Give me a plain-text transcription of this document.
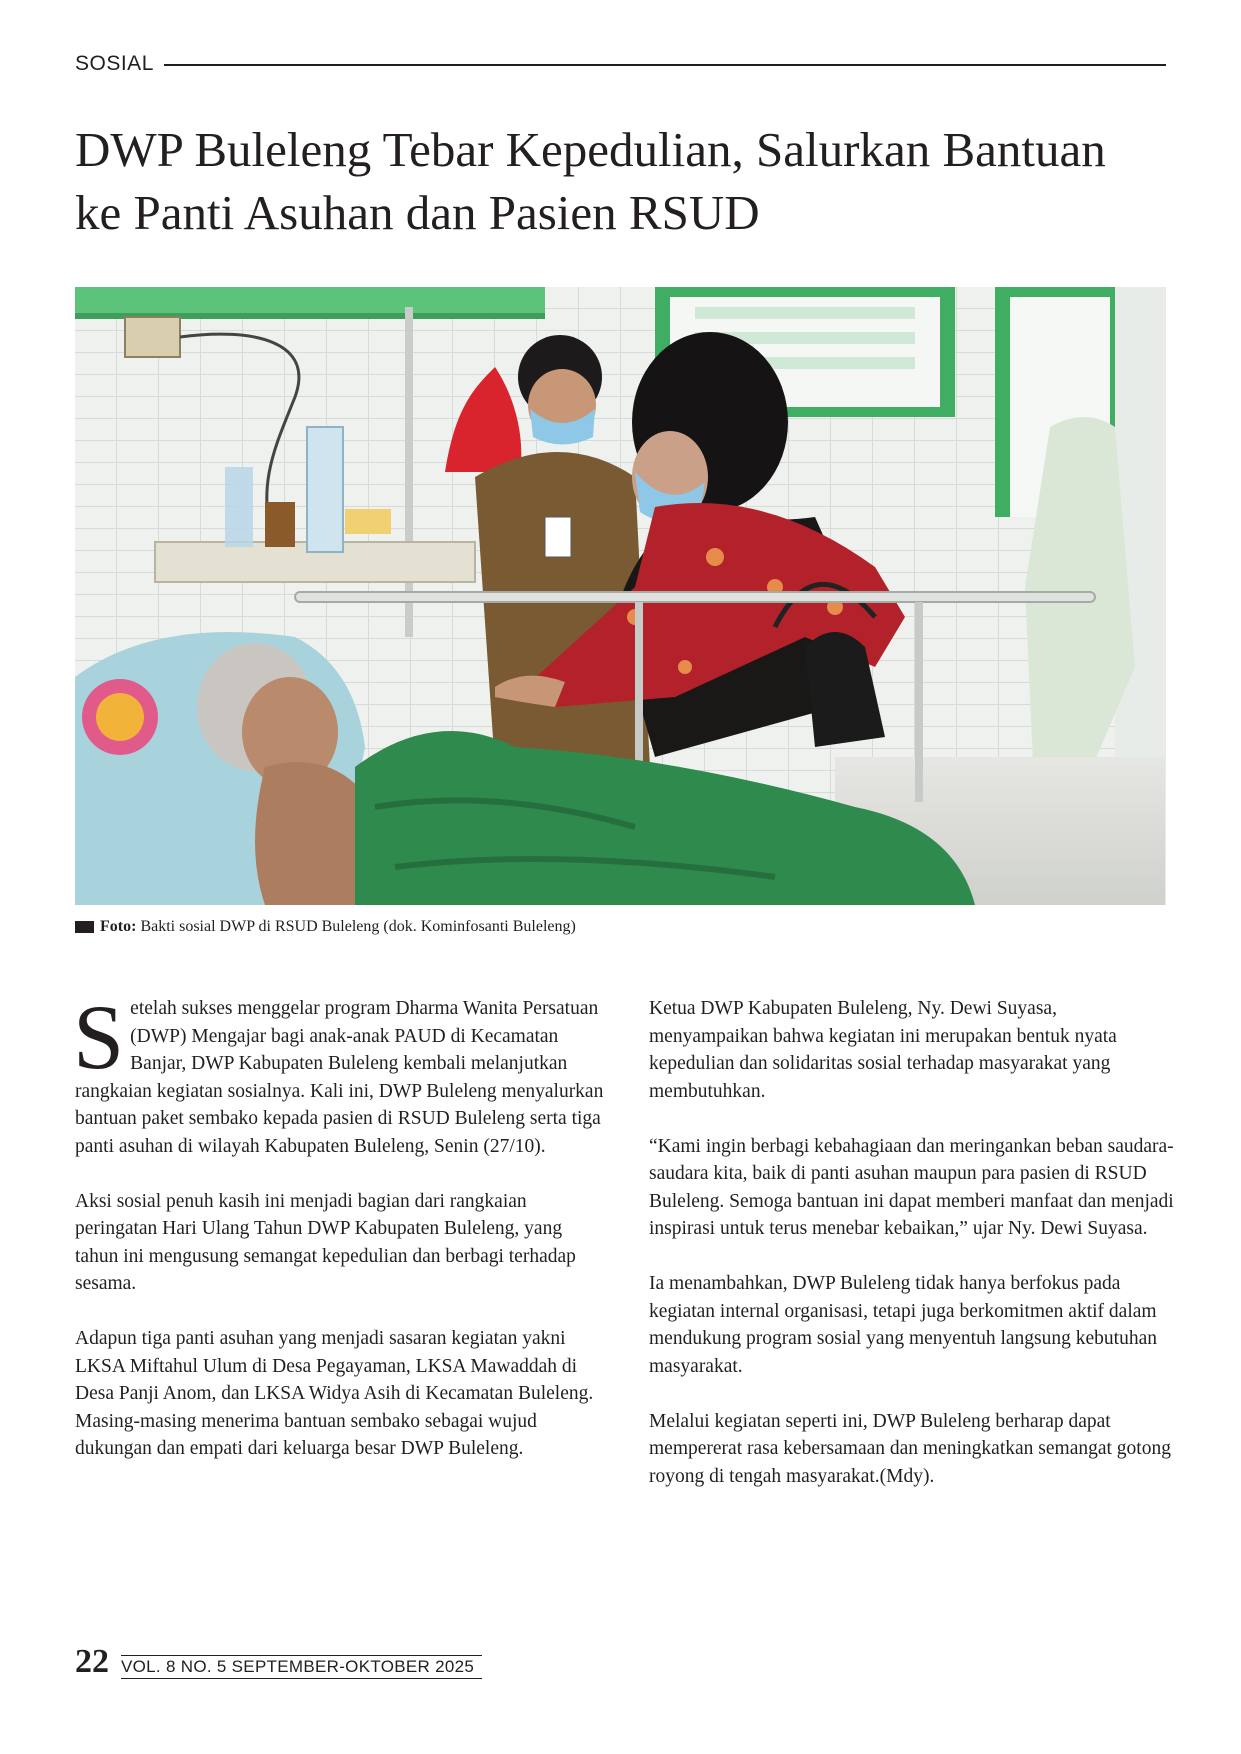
SOSIAL
DWP Buleleng Tebar Kepedulian, Salurkan Bantuan
ke Panti Asuhan dan Pasien RSUD
Foto: Bakti sosial DWP di RSUD Buleleng (dok. Kominfosanti Buleleng)

Setelah sukses menggelar program Dharma Wanita Persatuan (DWP) Mengajar bagi anak-anak PAUD di Kecamatan Banjar, DWP Kabupaten Buleleng kembali melanjutkan rangkaian kegiatan sosialnya. Kali ini, DWP Buleleng menyalurkan bantuan paket sembako kepada pasien di RSUD Buleleng serta tiga panti asuhan di wilayah Kabupaten Buleleng, Senin (27/10).

Aksi sosial penuh kasih ini menjadi bagian dari rangkaian peringatan Hari Ulang Tahun DWP Kabupaten Buleleng, yang tahun ini mengusung semangat kepedulian dan berbagi terhadap sesama.

Adapun tiga panti asuhan yang menjadi sasaran kegiatan yakni LKSA Miftahul Ulum di Desa Pegayaman, LKSA Mawaddah di Desa Panji Anom, dan LKSA Widya Asih di Kecamatan Buleleng. Masing-masing menerima bantuan sembako sebagai wujud dukungan dan empati dari keluarga besar DWP Buleleng.

Ketua DWP Kabupaten Buleleng, Ny. Dewi Suyasa, menyampaikan bahwa kegiatan ini merupakan bentuk nyata kepedulian dan solidaritas sosial terhadap masyarakat yang membutuhkan.

“Kami ingin berbagi kebahagiaan dan meringankan beban saudara-saudara kita, baik di panti asuhan maupun para pasien di RSUD Buleleng. Semoga bantuan ini dapat memberi manfaat dan menjadi inspirasi untuk terus menebar kebaikan,” ujar Ny. Dewi Suyasa.

Ia menambahkan, DWP Buleleng tidak hanya berfokus pada kegiatan internal organisasi, tetapi juga berkomitmen aktif dalam mendukung program sosial yang menyentuh langsung kebutuhan masyarakat.

Melalui kegiatan seperti ini, DWP Buleleng berharap dapat mempererat rasa kebersamaan dan meningkatkan semangat gotong royong di tengah masyarakat.(Mdy).

22 VOL. 8 NO. 5 SEPTEMBER-OKTOBER 2025
